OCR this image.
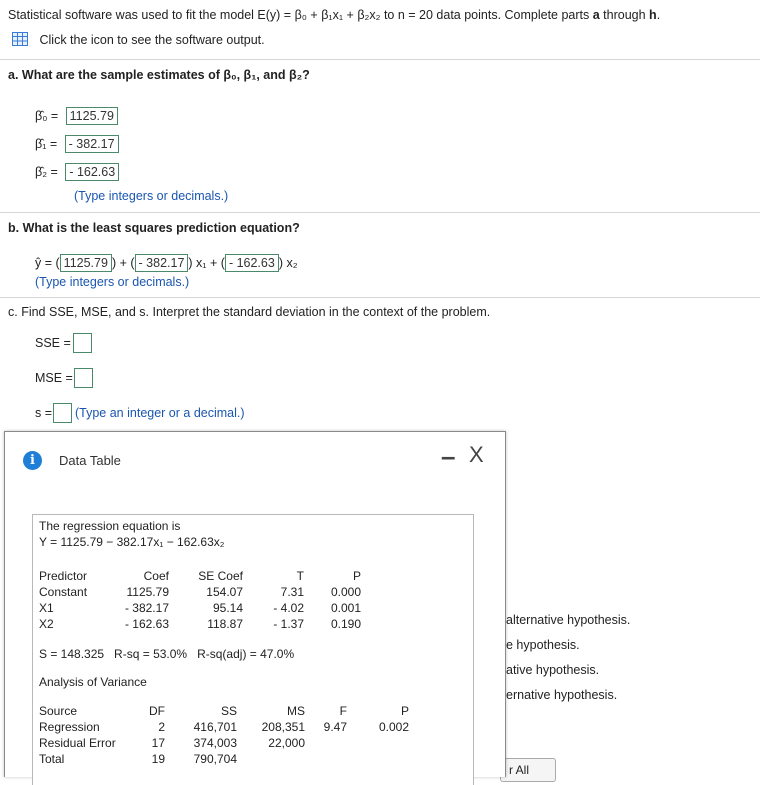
Statistical software was used to fit the model E(y) = β₀ + β₁x₁ + β₂x₂ to n = 20 data points. Complete parts a through h.
Click the icon to see the software output.
a. What are the sample estimates of β₀, β₁, and β₂?
β̂₀ = 1125.79
β̂₁ = - 382.17
β̂₂ = - 162.63
(Type integers or decimals.)
b. What is the least squares prediction equation?
ŷ = ( 1125.79 ) + ( - 382.17 ) x₁ + ( - 162.63 ) x₂
(Type integers or decimals.)
c. Find SSE, MSE, and s. Interpret the standard deviation in the context of the problem.
SSE =
MSE =
s = (Type an integer or a decimal.)
alternative hypothesis.
e hypothesis.
ative hypothesis.
ernative hypothesis.
r All
i	Data Table	– X
The regression equation is
Y = 1125.79 − 382.17x₁ − 162.63x₂
Predictor
Constant
X1
X2
Coef
1125.79
- 382.17
- 162.63
SE Coef
154.07
95.14
118.87
T
7.31
- 4.02
- 1.37
P
0.000
0.001
0.190
S = 148.325   R-sq = 53.0%   R-sq(adj) = 47.0%
Analysis of Variance
Source
Regression
Residual Error
Total
DF
2
17
19
SS
416,701
374,003
790,704
MS
208,351
22,000
F
9.47
P
0.002
